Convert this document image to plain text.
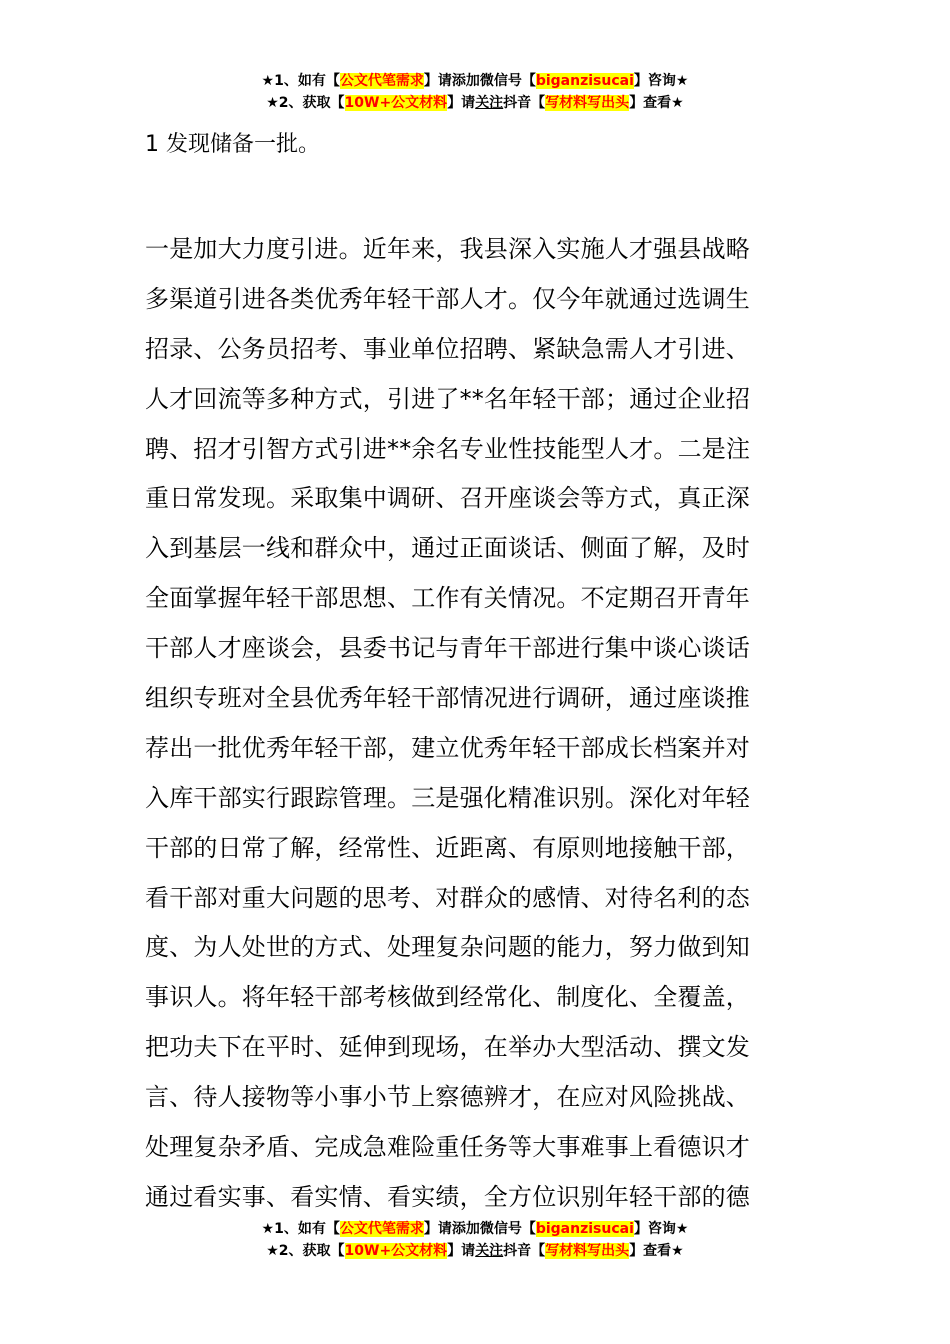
★1、如有【公文代笔需求】请添加微信号【biganzisucai】咨询★
★2、获取【10W+公文材料】请关注抖音【写材料写出头】查看★
1 发现储备一批。
一是加大力度引进。近年来，我县深入实施人才强县战略
多渠道引进各类优秀年轻干部人才。仅今年就通过选调生
招录、公务员招考、事业单位招聘、紧缺急需人才引进、
人才回流等多种方式，引进了**名年轻干部；通过企业招
聘、招才引智方式引进**余名专业性技能型人才。二是注
重日常发现。采取集中调研、召开座谈会等方式，真正深
入到基层一线和群众中，通过正面谈话、侧面了解，及时
全面掌握年轻干部思想、工作有关情况。不定期召开青年
干部人才座谈会，县委书记与青年干部进行集中谈心谈话
组织专班对全县优秀年轻干部情况进行调研，通过座谈推
荐出一批优秀年轻干部，建立优秀年轻干部成长档案并对
入库干部实行跟踪管理。三是强化精准识别。深化对年轻
干部的日常了解，经常性、近距离、有原则地接触干部，
看干部对重大问题的思考、对群众的感情、对待名利的态
度、为人处世的方式、处理复杂问题的能力，努力做到知
事识人。将年轻干部考核做到经常化、制度化、全覆盖，
把功夫下在平时、延伸到现场，在举办大型活动、撰文发
言、待人接物等小事小节上察德辨才，在应对风险挑战、
处理复杂矛盾、完成急难险重任务等大事难事上看德识才
通过看实事、看实情、看实绩，全方位识别年轻干部的德
★1、如有【公文代笔需求】请添加微信号【biganzisucai】咨询★
★2、获取【10W+公文材料】请关注抖音【写材料写出头】查看★
